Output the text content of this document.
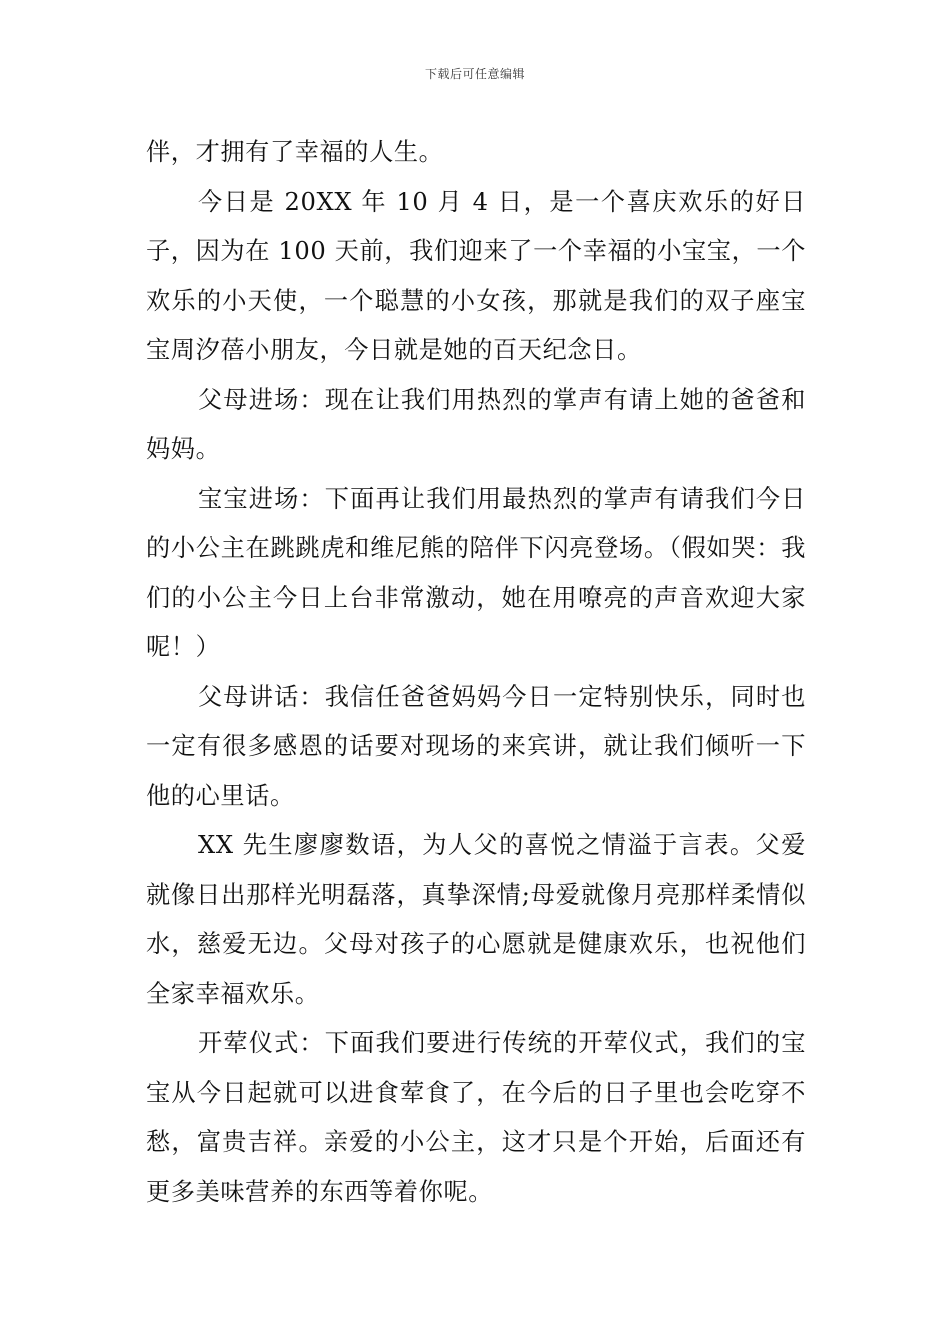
下载后可任意编辑

伴，才拥有了幸福的人生。

今日是 20XX 年 10 月 4 日，是一个喜庆欢乐的好日子，因为在 100 天前，我们迎来了一个幸福的小宝宝，一个欢乐的小天使，一个聪慧的小女孩，那就是我们的双子座宝宝周汐蓓小朋友，今日就是她的百天纪念日。

父母进场：现在让我们用热烈的掌声有请上她的爸爸和妈妈。

宝宝进场：下面再让我们用最热烈的掌声有请我们今日的小公主在跳跳虎和维尼熊的陪伴下闪亮登场。（假如哭：我们的小公主今日上台非常激动，她在用嘹亮的声音欢迎大家呢！）

父母讲话：我信任爸爸妈妈今日一定特别快乐，同时也一定有很多感恩的话要对现场的来宾讲，就让我们倾听一下他的心里话。

XX 先生廖廖数语，为人父的喜悦之情溢于言表。父爱就像日出那样光明磊落，真挚深情;母爱就像月亮那样柔情似水，慈爱无边。父母对孩子的心愿就是健康欢乐，也祝他们全家幸福欢乐。

开荤仪式：下面我们要进行传统的开荤仪式，我们的宝宝从今日起就可以进食荤食了，在今后的日子里也会吃穿不愁，富贵吉祥。亲爱的小公主，这才只是个开始，后面还有更多美味营养的东西等着你呢。
